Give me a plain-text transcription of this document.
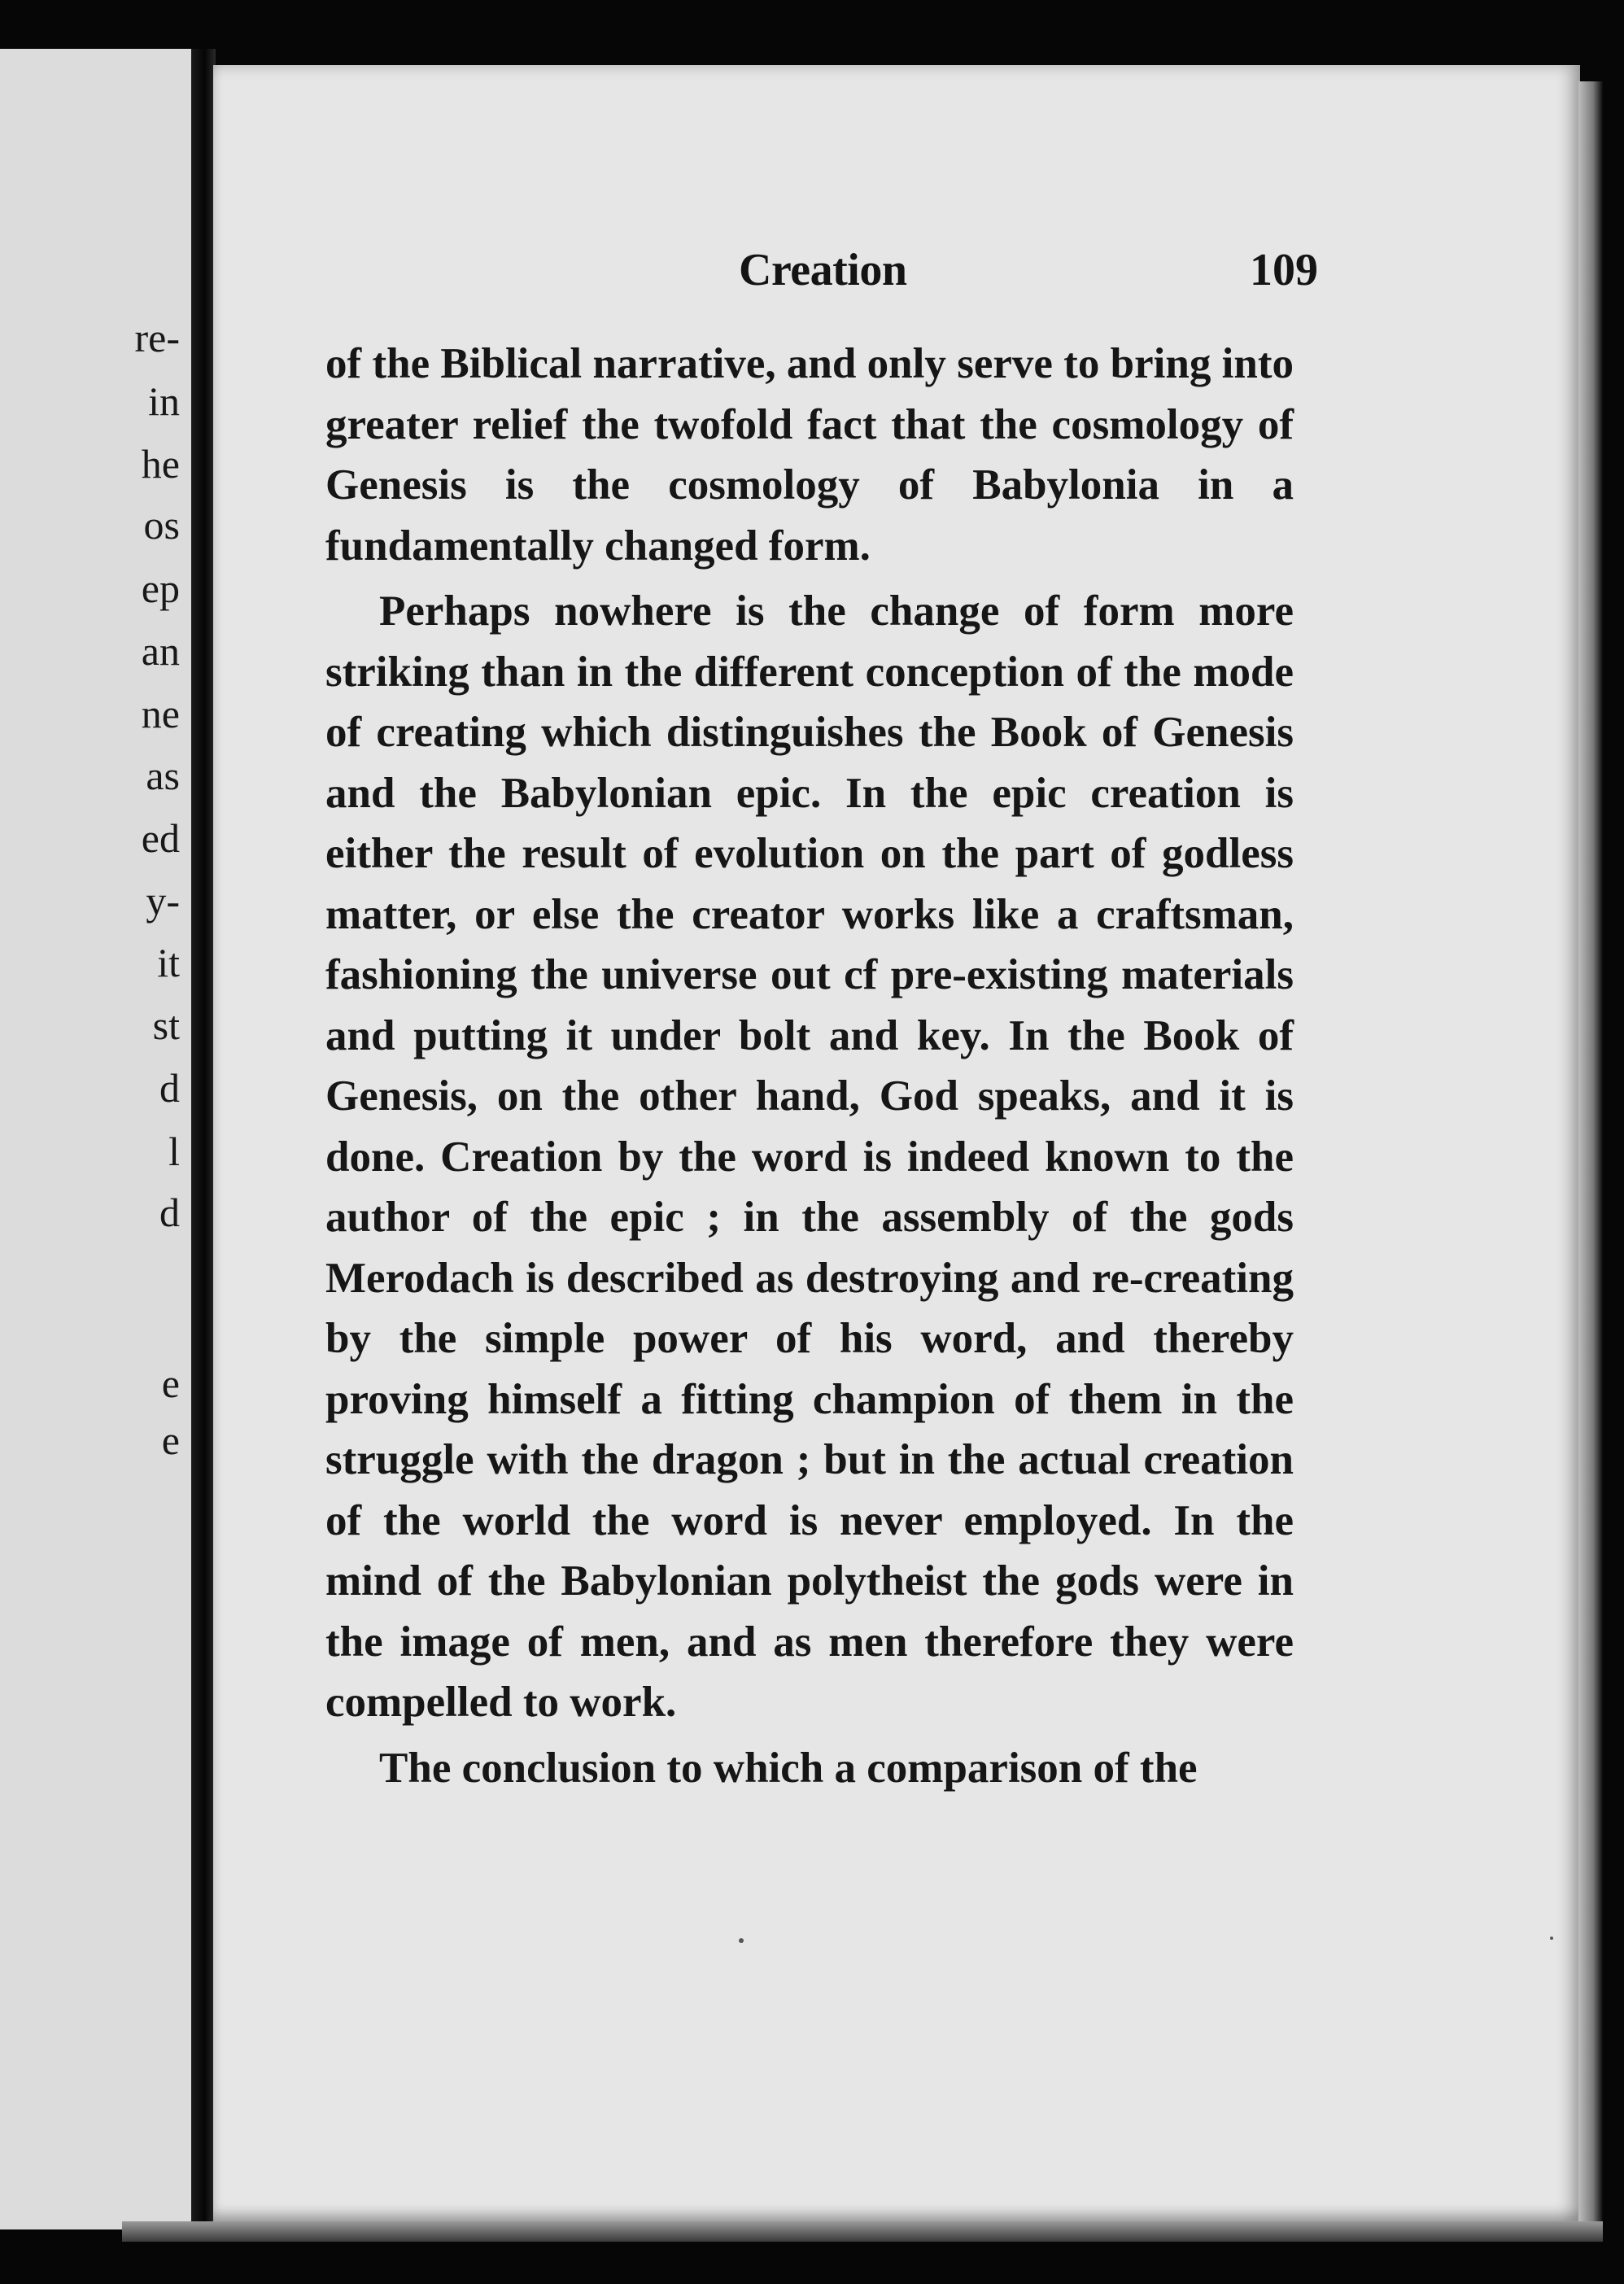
re-
in
he
os
ep
an
ne
as
ed
y-
it
st
d
l
d
e
e
Creation	109

of the Biblical narrative, and only serve to bring into greater relief the twofold fact that the cosmology of Genesis is the cosmology of Babylonia in a fundamentally changed form.

Perhaps nowhere is the change of form more striking than in the different conception of the mode of creating which distinguishes the Book of Genesis and the Babylonian epic. In the epic creation is either the result of evolution on the part of godless matter, or else the creator works like a craftsman, fashioning the universe out cf pre-existing materials and putting it under bolt and key. In the Book of Genesis, on the other hand, God speaks, and it is done. Creation by the word is indeed known to the author of the epic ; in the assembly of the gods Merodach is described as destroying and re-creating by the simple power of his word, and thereby proving himself a fitting champion of them in the struggle with the dragon ; but in the actual creation of the world the word is never employed. In the mind of the Babylonian polytheist the gods were in the image of men, and as men therefore they were compelled to work.

The conclusion to which a comparison of the
